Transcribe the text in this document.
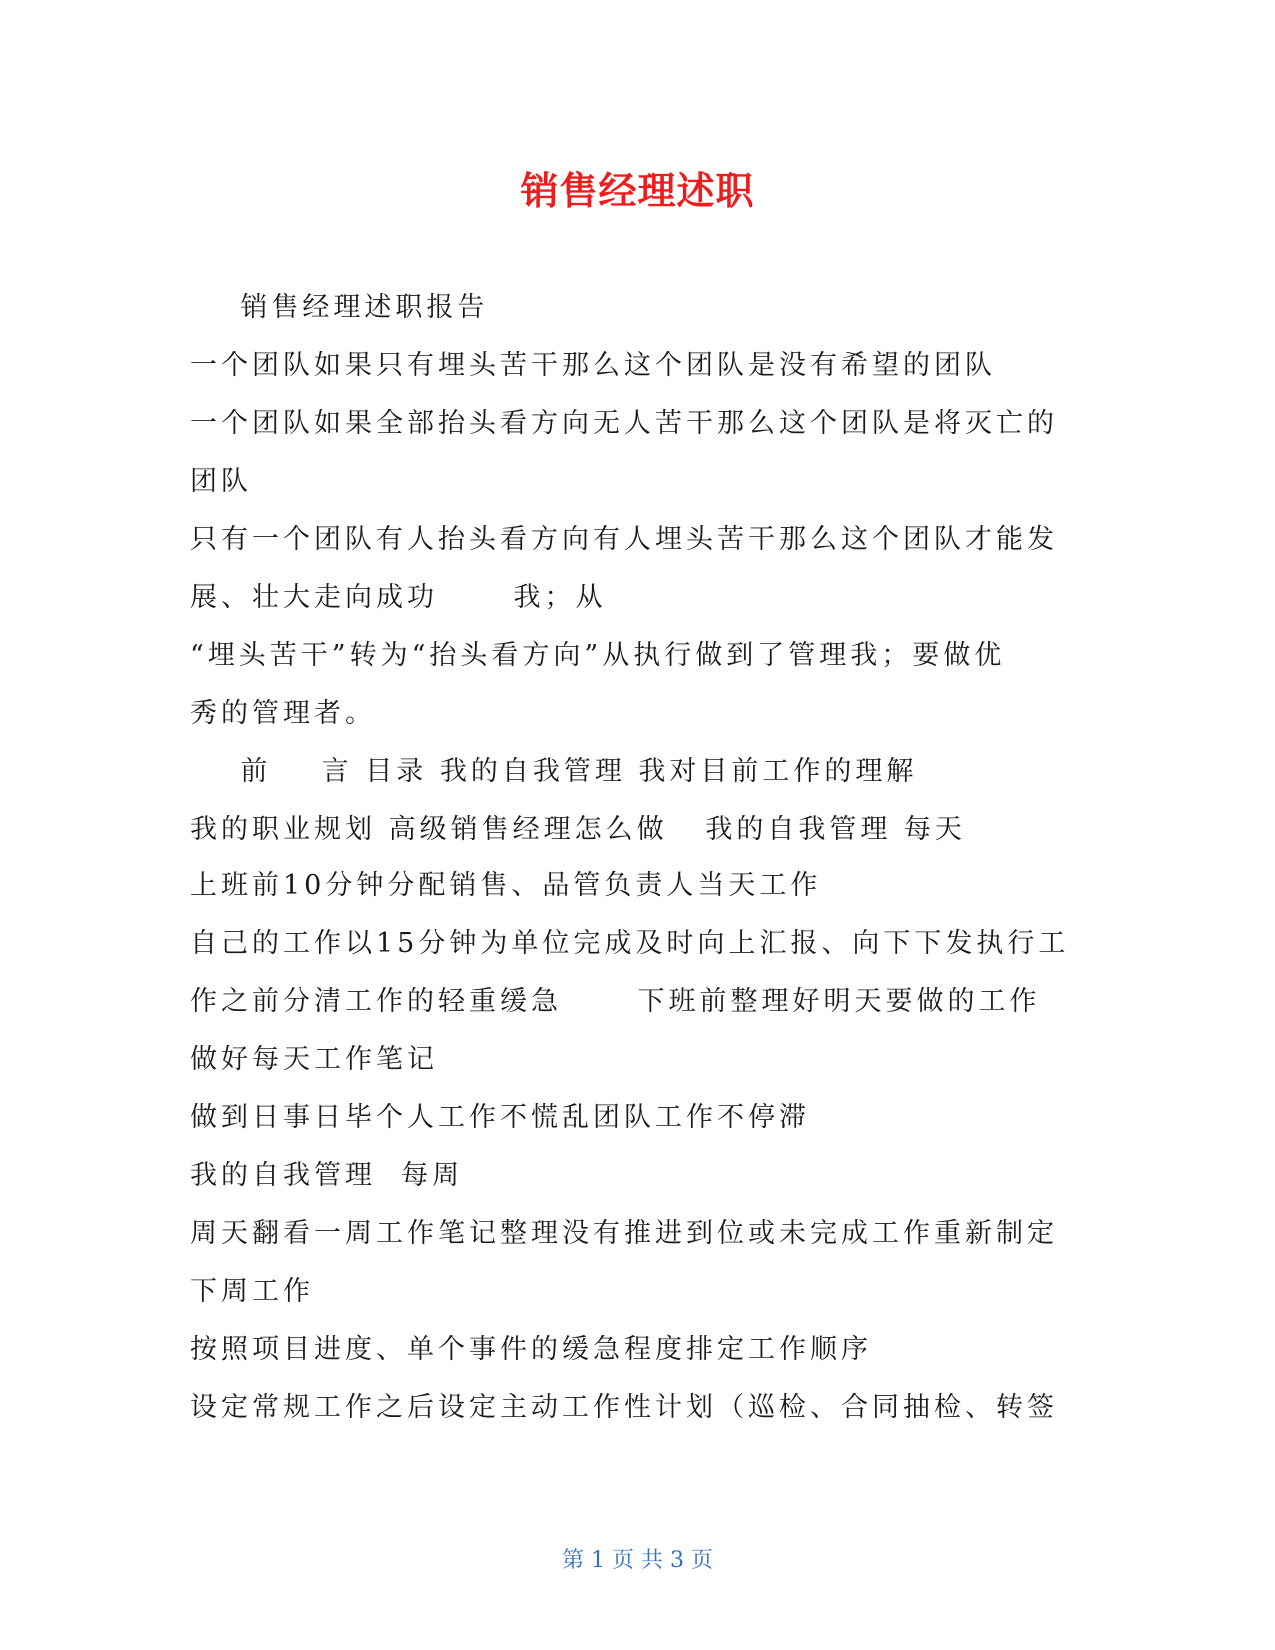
销售经理述职
销售经理述职报告
一个团队如果只有埋头苦干那么这个团队是没有希望的团队
一个团队如果全部抬头看方向无人苦干那么这个团队是将灭亡的
团队
只有一个团队有人抬头看方向有人埋头苦干那么这个团队才能发
展、壮大走向成功      我；从
“埋头苦干”转为“抬头看方向”从执行做到了管理我；要做优
秀的管理者。
前    言 目录 我的自我管理 我对目前工作的理解
我的职业规划 高级销售经理怎么做   我的自我管理 每天
上班前10分钟分配销售、品管负责人当天工作
自己的工作以15分钟为单位完成及时向上汇报、向下下发执行工
作之前分清工作的轻重缓急      下班前整理好明天要做的工作
做好每天工作笔记
做到日事日毕个人工作不慌乱团队工作不停滞
我的自我管理  每周
周天翻看一周工作笔记整理没有推进到位或未完成工作重新制定
下周工作
按照项目进度、单个事件的缓急程度排定工作顺序
设定常规工作之后设定主动工作性计划（巡检、合同抽检、转签
第 1 页 共 3 页
